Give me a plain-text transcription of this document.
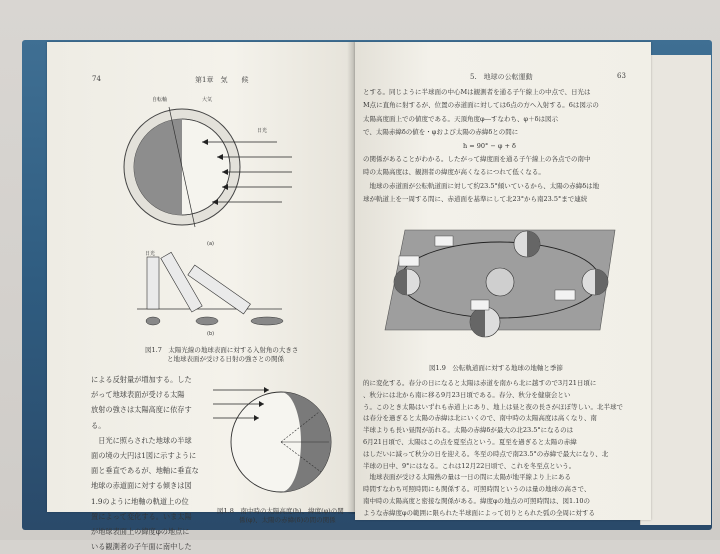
74	第1章　気　　候
自転軸	大気
日光
(a)
日光
(b)
図1.7　太陽光線の地球表面に対する入射角の大きさ
と地球表面が受ける日射の強さとの関係
による反射量が増加する。した
がって地球表面が受ける太陽
放射の強さは太陽高度に依存す
る。
　日光に照らされた地球の半球
面の境の大円は1図に示すように
面と垂直であるが、地軸に垂直な
地球の赤道面に対する傾きは図
1.9のように地軸の軌道上の位
置によって変化する。いま太陽
が地球表面上の緯度φの地点に
いる観測者の子午面に南中した
図1.8　南中時の太陽高度(h)、緯度(φ)の関
係(φ)、太陽の赤緯(δ)の間の関係
5.　地球の公転運動	63
とする。同じように半球面の中心Mは観測者を通る子午線上の中点で、日光は
M点に直角に射するが、位置の赤道面に対しては6点の方へ入射する。6は図示の
太陽高度面上での値度である。天頂角度φ―すなわち、φ＋δは図示
で、太陽赤緯δの値を・φおよび太陽の赤緯δとの間に
h = 90° − φ + δ
の関係があることがわかる。したがって緯度面を通る子午線上の各点での南中
時の太陽高度は、観測者の緯度が高くなるにつれて低くなる。
　地球の赤道面が公転軌道面に対して約23.5°傾いているから、太陽の赤緯δは地
球が軌道上を一周する間に、赤道面を基準にして北23°から南23.5°まで連続
図1.9　公転軌道面に対する地球の地軸と季節
的に変化する。春分の日になると太陽は赤道を南から北に越すので3月21日頃に
、秋分には北から南に移る9月23日頃である。春分、秋分を健康会とい
う。このとき太陽はいずれも赤道上にあり、地上は昼と夜の長さがほぼ等しい。北半球で
は春分を過ぎると太陽の赤緯は北にいくので、南中時の太陽高度は高くなり、南
半球よりも長い昼間が訪れる。太陽の赤緯δが最大の北23.5°になるのは
6月21日頃で、太陽はこの点を夏至点という。夏至を過ぎると太陽の赤緯
はしだいに減って秋分の日を迎える。冬至の時点で南23.5°の赤緯で最大になり、北
半球の日中、9°にはなる。これは12月22日頃で、これを冬至点という。
　地球表面が受ける太陽熱の量は一日の間に太陽が地平線より上にある
時間すなわち可照時間にも関係する。可照時間というのは量の地球の高さで、
南中時の太陽高度と密接な関係がある。緯度φの地点の可照時間は、図1.10の
ような赤緯度φの範囲に限られた半球面によって切りとられた弧の全周に対する
